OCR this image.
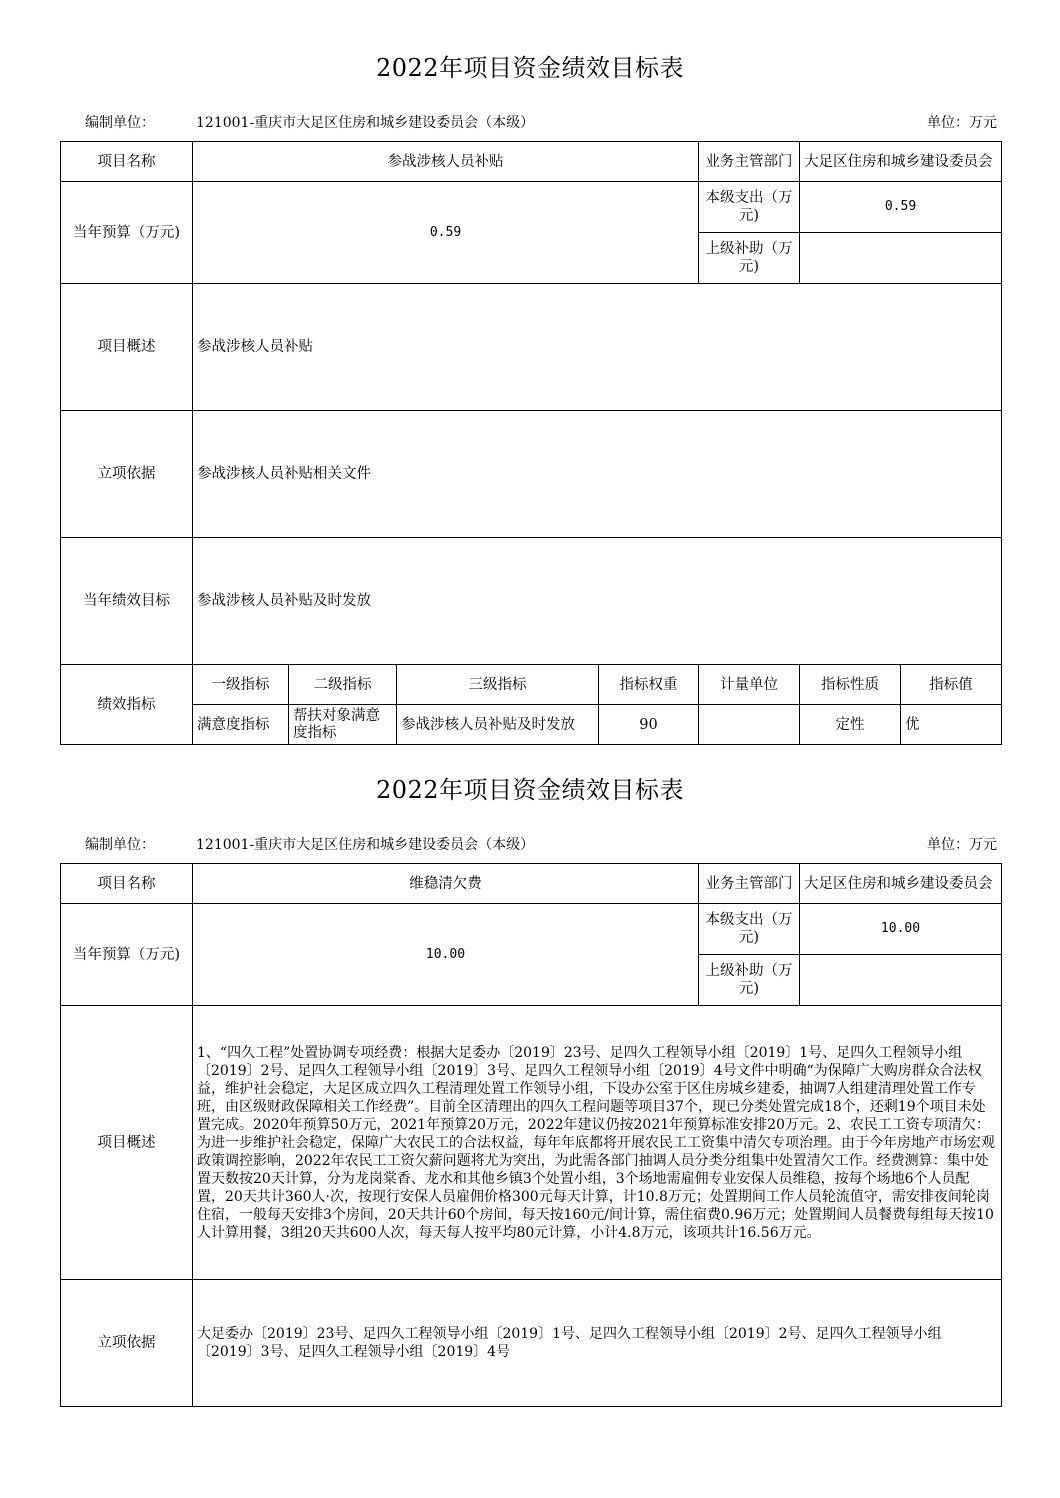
2022年项目资金绩效目标表
编制单位：	121001-重庆市大足区住房和城乡建设委员会（本级）	单位：万元
项目名称	参战涉核人员补贴				业务主管部门	大足区住房和城乡建设委员会	
当年预算（万元)	0.59				本级支出（万元)	0.59	
					上级补助（万元)		
项目概述	参战涉核人员补贴						
立项依据	参战涉核人员补贴相关文件						
当年绩效目标	参战涉核人员补贴及时发放						
绩效指标	一级指标	二级指标	三级指标	指标权重	计量单位	指标性质	指标值
	满意度指标	帮扶对象满意度指标	参战涉核人员补贴及时发放	90		定性	优
2022年项目资金绩效目标表
编制单位：	121001-重庆市大足区住房和城乡建设委员会（本级）	单位：万元
项目名称	维稳清欠费	业务主管部门	大足区住房和城乡建设委员会
当年预算（万元)	10.00	本级支出（万元)	10.00
		上级补助（万元)	
项目概述	1、“四久工程”处置协调专项经费：根据大足委办〔2019〕23号、足四久工程领导小组〔2019〕1号、足四久工程领导小组〔2019〕2号、足四久工程领导小组〔2019〕3号、足四久工程领导小组〔2019〕4号文件中明确“为保障广大购房群众合法权益，维护社会稳定，大足区成立四久工程清理处置工作领导小组，下设办公室于区住房城乡建委，抽调7人组建清理处置工作专班，由区级财政保障相关工作经费”。目前全区清理出的四久工程问题等项目37个，现已分类处置完成18个，还剩19个项目未处置完成。2020年预算50万元，2021年预算20万元，2022年建议仍按2021年预算标准安排20万元。2、农民工工资专项清欠：为进一步维护社会稳定，保障广大农民工的合法权益，每年年底都将开展农民工工资集中清欠专项治理。由于今年房地产市场宏观政策调控影响，2022年农民工工资欠薪问题将尤为突出，为此需各部门抽调人员分类分组集中处置清欠工作。经费测算：集中处置天数按20天计算，分为龙岗棠香、龙水和其他乡镇3个处置小组，3个场地需雇佣专业安保人员维稳，按每个场地6个人员配置，20天共计360人·次，按现行安保人员雇佣价格300元每天计算，计10.8万元；处置期间工作人员轮流值守，需安排夜间轮岗住宿，一般每天安排3个房间，20天共计60个房间，每天按160元/间计算，需住宿费0.96万元；处置期间人员餐费每组每天按10人计算用餐，3组20天共600人次，每天每人按平均80元计算，小计4.8万元，该项共计16.56万元。		
立项依据	大足委办〔2019〕23号、足四久工程领导小组〔2019〕1号、足四久工程领导小组〔2019〕2号、足四久工程领导小组〔2019〕3号、足四久工程领导小组〔2019〕4号		
